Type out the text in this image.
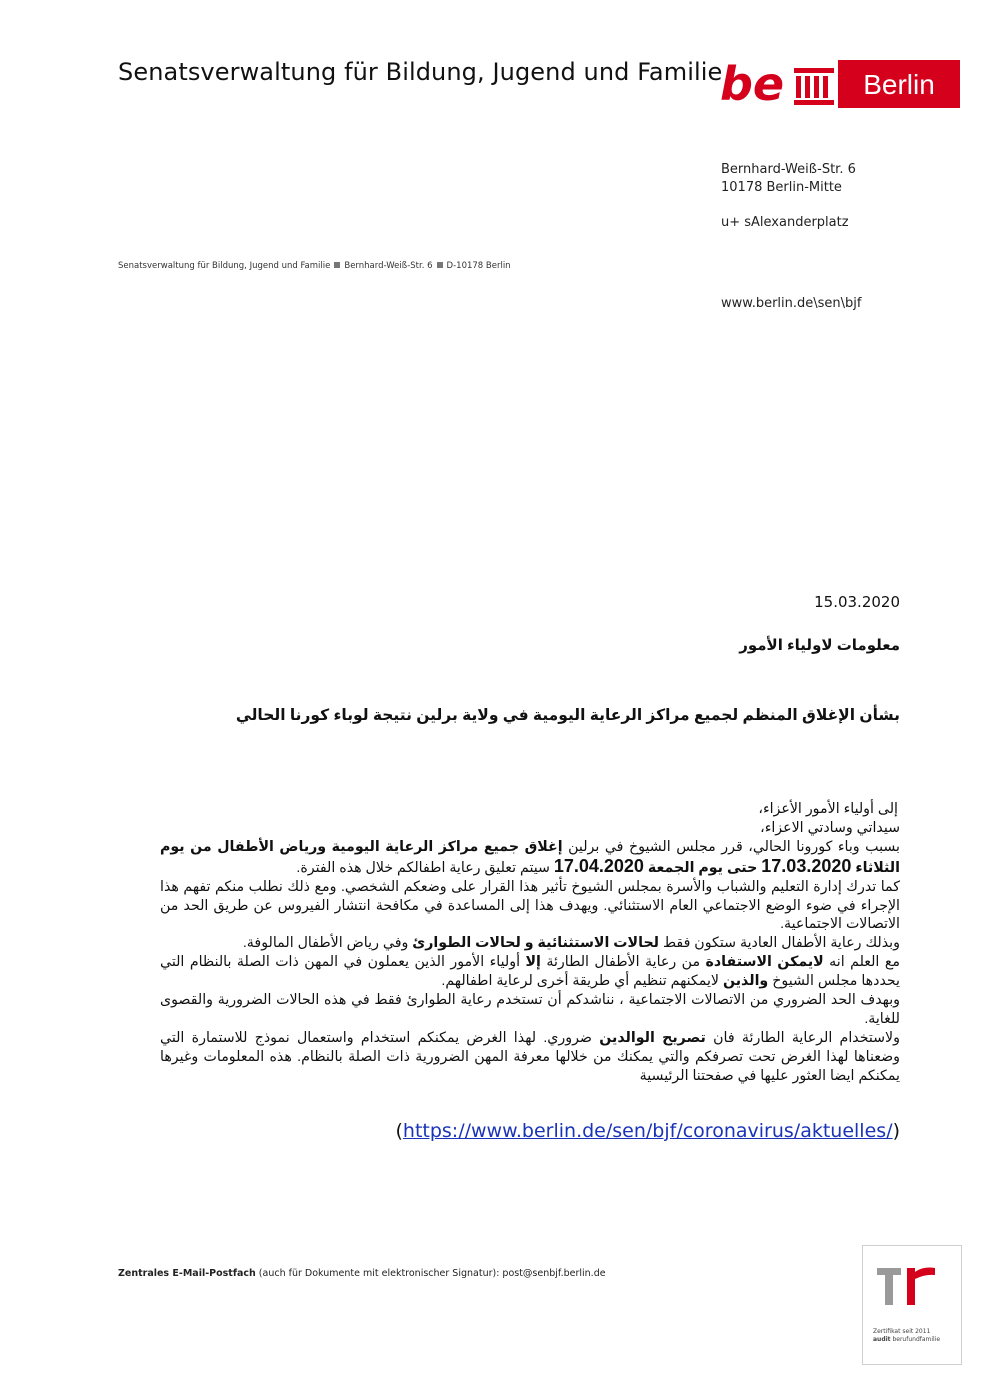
Senatsverwaltung für Bildung, Jugend und Familie
be	Berlin
Bernhard-Weiß-Str. 6
10178 Berlin-Mitte
u+ sAlexanderplatz
www.berlin.de\sen\bjf
Senatsverwaltung für Bildung, Jugend und Familie Bernhard-Weiß-Str. 6 D-10178 Berlin
15.03.2020
معلومات لاولياء الأمور
بشأن الإغلاق المنظم لجميع مراكز الرعاية اليومية في ولاية برلين نتيجة لوباء كورنا الحالي

إلى أولياء الأمور الأعزاء،

سيداتي وسادتي الاعزاء،

بسبب وباء كورونا الحالي، قرر مجلس الشيوخ في برلين إغلاق جميع مراكز الرعاية اليومية ورياض الأطفال من يوم الثلاثاء 17.03.2020 حتى يوم الجمعة 17.04.2020 سيتم تعليق رعاية اطفالكم خلال هذه الفترة.

كما تدرك إدارة التعليم والشباب والأسرة بمجلس الشيوخ تأثير هذا القرار على وضعكم الشخصي. ومع ذلك نطلب منكم تفهم هذا الإجراء في ضوء الوضع الاجتماعي العام الاستثنائي. ويهدف هذا إلى المساعدة في مكافحة انتشار الفيروس عن طريق الحد من الاتصالات الاجتماعية.

وبذلك رعاية الأطفال العادية ستكون فقط لحالات الاستثنائية و لحالات الطوارئ وفي رياض الأطفال المالوفة.

مع العلم انه لايمكن الاستفادة من رعاية الأطفال الطارئة إلا أولياء الأمور الذين يعملون في المهن ذات الصلة بالنظام التي يحددها مجلس الشيوخ والذين لايمكنهم تنظيم أي طريقة أخرى لرعاية اطفالهم.

وبهدف الحد الضروري من الاتصالات الاجتماعية ، نناشدكم أن تستخدم رعاية الطوارئ فقط في هذه الحالات الضرورية والقصوى للغاية.

ولاستخدام الرعاية الطارئة فان تصريح الوالدين ضروري. لهذا الغرض يمكنكم استخدام واستعمال نموذج للاستمارة التي وضعناها لهذا الغرض تحت تصرفكم والتي يمكنك من خلالها معرفة المهن الضرورية ذات الصلة بالنظام. هذه المعلومات وغيرها يمكنكم ايضا العثور عليها في صفحتنا الرئيسية

(https://www.berlin.de/sen/bjf/coronavirus/aktuelles/)
Zentrales E-Mail-Postfach (auch für Dokumente mit elektronischer Signatur): post@senbjf.berlin.de
Zertifikat seit 2011
audit berufundfamilie
